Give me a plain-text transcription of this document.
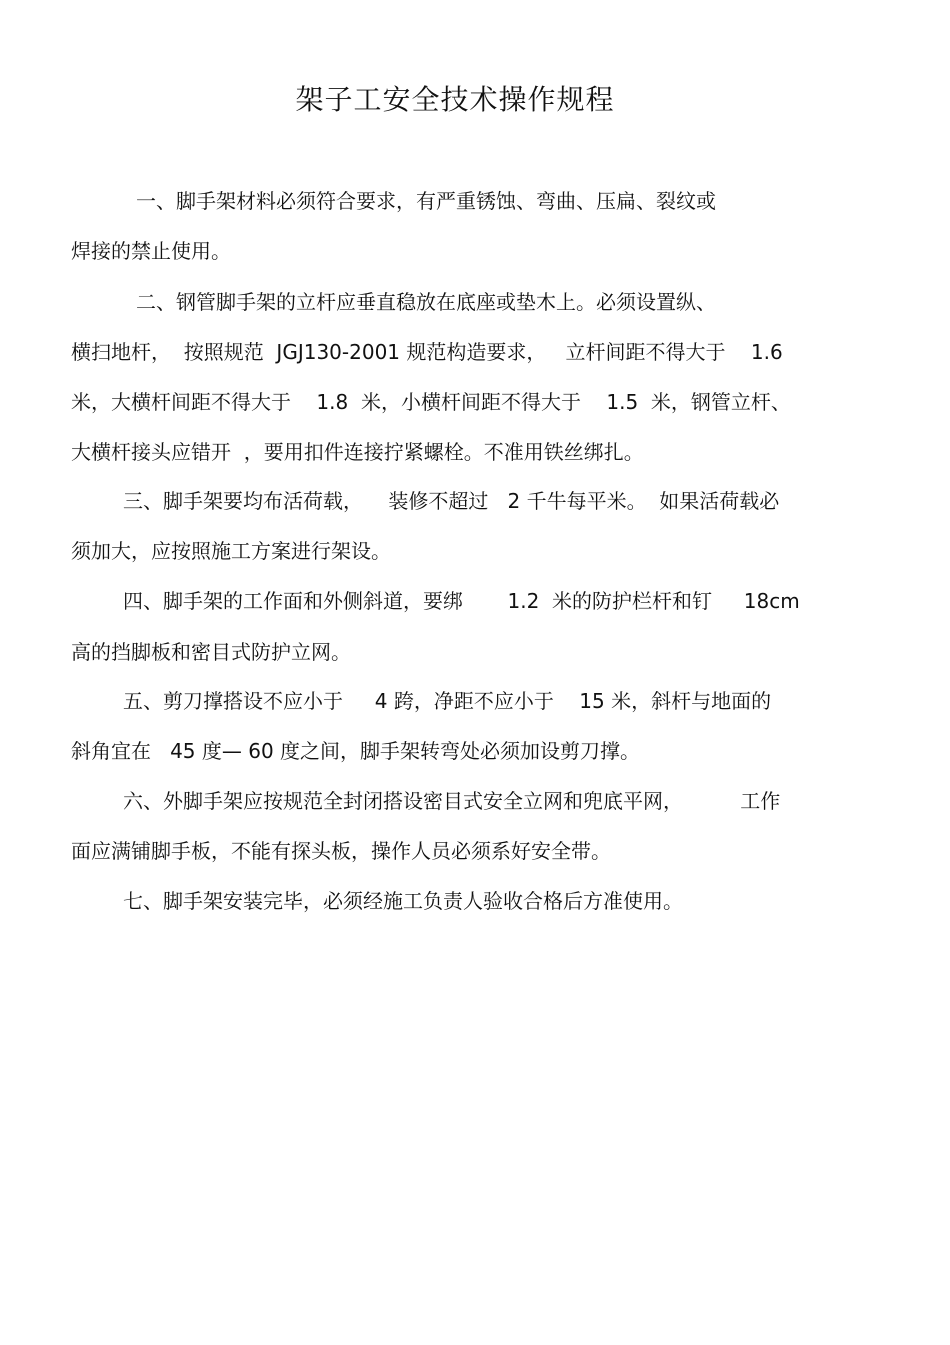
架子工安全技术操作规程
一、脚手架材料必须符合要求，有严重锈蚀、弯曲、压扁、裂纹或
焊接的禁止使用。
二、钢管脚手架的立杆应垂直稳放在底座或垫木上。必须设置纵、
横扫地杆，  按照规范  JGJ130-2001 规范构造要求，   立杆间距不得大于    1.6
米，大横杆间距不得大于    1.8  米，小横杆间距不得大于    1.5  米，钢管立杆、
大横杆接头应错开  ，要用扣件连接拧紧螺栓。不准用铁丝绑扎。
三、脚手架要均布活荷载，    装修不超过   2 千牛每平米。  如果活荷载必
须加大，应按照施工方案进行架设。
四、脚手架的工作面和外侧斜道，要绑       1.2  米的防护栏杆和钉     18cm
高的挡脚板和密目式防护立网。
五、剪刀撑搭设不应小于     4 跨，净距不应小于    15 米，斜杆与地面的
斜角宜在   45 度— 60 度之间，脚手架转弯处必须加设剪刀撑。
六、外脚手架应按规范全封闭搭设密目式安全立网和兜底平网，         工作
面应满铺脚手板，不能有探头板，操作人员必须系好安全带。
七、脚手架安装完毕，必须经施工负责人验收合格后方准使用。
